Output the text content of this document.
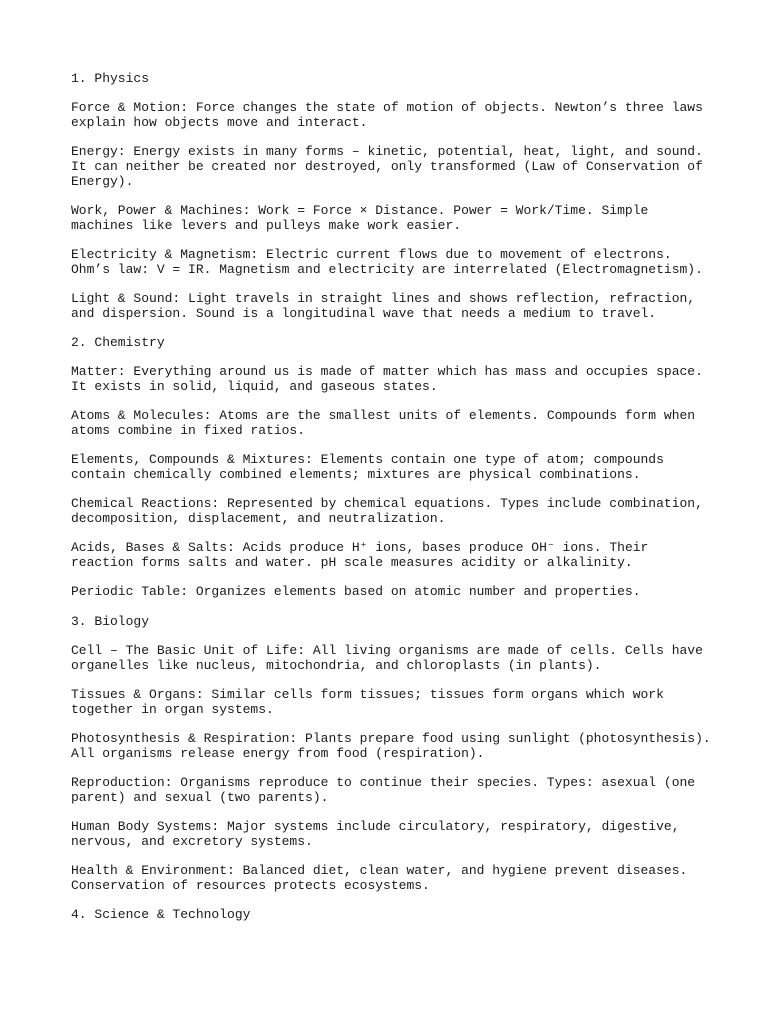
1. Physics
Force & Motion: Force changes the state of motion of objects. Newton’s three laws explain how objects move and interact.
Energy: Energy exists in many forms – kinetic, potential, heat, light, and sound. It can neither be created nor destroyed, only transformed (Law of Conservation of Energy).
Work, Power & Machines: Work = Force × Distance. Power = Work/Time. Simple machines like levers and pulleys make work easier.
Electricity & Magnetism: Electric current flows due to movement of electrons. Ohm’s law: V = IR. Magnetism and electricity are interrelated (Electromagnetism).
Light & Sound: Light travels in straight lines and shows reflection, refraction, and dispersion. Sound is a longitudinal wave that needs a medium to travel.
2. Chemistry
Matter: Everything around us is made of matter which has mass and occupies space. It exists in solid, liquid, and gaseous states.
Atoms & Molecules: Atoms are the smallest units of elements. Compounds form when atoms combine in fixed ratios.
Elements, Compounds & Mixtures: Elements contain one type of atom; compounds contain chemically combined elements; mixtures are physical combinations.
Chemical Reactions: Represented by chemical equations. Types include combination, decomposition, displacement, and neutralization.
Acids, Bases & Salts: Acids produce H⁺ ions, bases produce OH⁻ ions. Their reaction forms salts and water. pH scale measures acidity or alkalinity.
Periodic Table: Organizes elements based on atomic number and properties.
3. Biology
Cell – The Basic Unit of Life: All living organisms are made of cells. Cells have organelles like nucleus, mitochondria, and chloroplasts (in plants).
Tissues & Organs: Similar cells form tissues; tissues form organs which work together in organ systems.
Photosynthesis & Respiration: Plants prepare food using sunlight (photosynthesis). All organisms release energy from food (respiration).
Reproduction: Organisms reproduce to continue their species. Types: asexual (one parent) and sexual (two parents).
Human Body Systems: Major systems include circulatory, respiratory, digestive, nervous, and excretory systems.
Health & Environment: Balanced diet, clean water, and hygiene prevent diseases. Conservation of resources protects ecosystems.
4. Science & Technology
